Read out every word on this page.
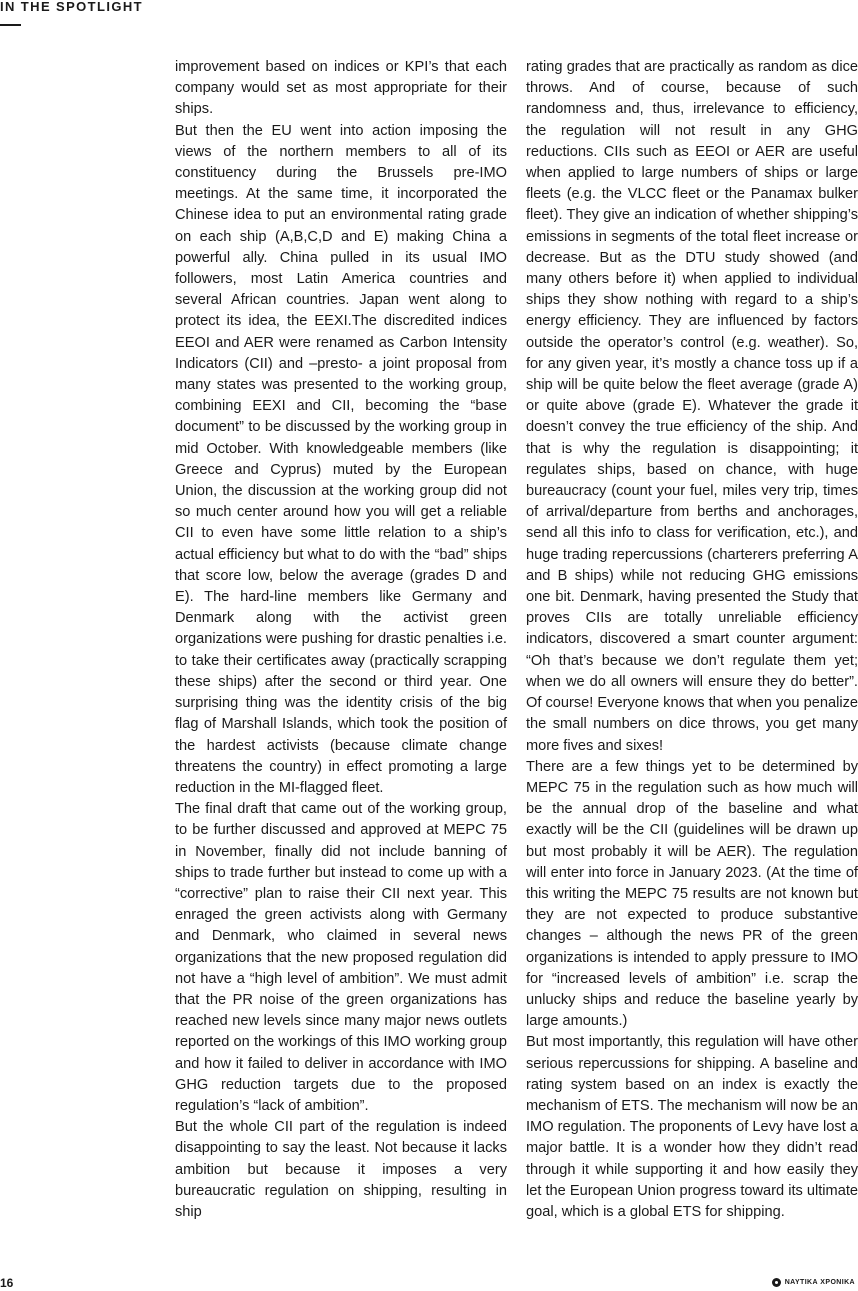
IN THE SPOTLIGHT

improvement based on indices or KPI’s that each company would set as most appropriate for their ships.

But then the EU went into action imposing the views of the northern members to all of its constituency during the Brussels pre-IMO meetings. At the same time, it incorporated the Chinese idea to put an environmental rating grade on each ship (A,B,C,D and E) making China a powerful ally. China pulled in its usual IMO followers, most Latin America countries and several African countries. Japan went along to protect its idea, the EEXI.The discredited indices EEOI and AER were renamed as Carbon Intensity Indicators (CII) and –presto- a joint proposal from many states was presented to the working group, combining EEXI and CII, becoming the “base document” to be discussed by the working group in mid October. With knowledgeable members (like Greece and Cyprus) muted by the European Union, the discussion at the working group did not so much center around how you will get a reliable CII to even have some little relation to a ship’s actual efficiency but what to do with the “bad” ships that score low, below the average (grades D and E). The hard-line members like Germany and Denmark along with the activist green organizations were pushing for drastic penalties i.e. to take their certificates away (practically scrapping these ships) after the second or third year. One surprising thing was the identity crisis of the big flag of Marshall Islands, which took the position of the hardest activists (because climate change threatens the country) in effect promoting a large reduction in the MI-flagged fleet.

The final draft that came out of the working group, to be further discussed and approved at MEPC 75 in November, finally did not include banning of ships to trade further but instead to come up with a “corrective” plan to raise their CII next year. This enraged the green activists along with Germany and Denmark, who claimed in several news organizations that the new proposed regulation did not have a “high level of ambition”. We must admit that the PR noise of the green organizations has reached new levels since many major news outlets reported on the workings of this IMO working group and how it failed to deliver in accordance with IMO GHG reduction targets due to the proposed regulation’s “lack of ambition”.

But the whole CII part of the regulation is indeed disappointing to say the least. Not because it lacks ambition but because it imposes a very bureaucratic regulation on shipping, resulting in ship

rating grades that are practically as random as dice throws. And of course, because of such randomness and, thus, irrelevance to efficiency, the regulation will not result in any GHG reductions. CIIs such as EEOI or AER are useful when applied to large numbers of ships or large fleets (e.g. the VLCC fleet or the Panamax bulker fleet). They give an indication of whether shipping’s emissions in segments of the total fleet increase or decrease. But as the DTU study showed (and many others before it) when applied to individual ships they show nothing with regard to a ship’s energy efficiency. They are influenced by factors outside the operator’s control (e.g. weather). So, for any given year, it’s mostly a chance toss up if a ship will be quite below the fleet average (grade A) or quite above (grade E). Whatever the grade it doesn’t convey the true efficiency of the ship. And that is why the regulation is disappointing; it regulates ships, based on chance, with huge bureaucracy (count your fuel, miles very trip, times of arrival/departure from berths and anchorages, send all this info to class for verification, etc.), and huge trading repercussions (charterers preferring A and B ships) while not reducing GHG emissions one bit. Denmark, having presented the Study that proves CIIs are totally unreliable efficiency indicators, discovered a smart counter argument: “Oh that’s because we don’t regulate them yet; when we do all owners will ensure they do better”. Of course! Everyone knows that when you penalize the small numbers on dice throws, you get many more fives and sixes!

There are a few things yet to be determined by MEPC 75 in the regulation such as how much will be the annual drop of the baseline and what exactly will be the CII (guidelines will be drawn up but most probably it will be AER). The regulation will enter into force in January 2023. (At the time of this writing the MEPC 75 results are not known but they are not expected to produce substantive changes – although the news PR of the green organizations is intended to apply pressure to IMO for “increased levels of ambition” i.e. scrap the unlucky ships and reduce the baseline yearly by large amounts.)

But most importantly, this regulation will have other serious repercussions for shipping. A baseline and rating system based on an index is exactly the mechanism of ETS. The mechanism will now be an IMO regulation. The proponents of Levy have lost a major battle. It is a wonder how they didn’t read through it while supporting it and how easily they let the European Union progress toward its ultimate goal, which is a global ETS for shipping.

16	ΝΑΥΤΙΚΑ ΧΡΟΝΙΚΑ
